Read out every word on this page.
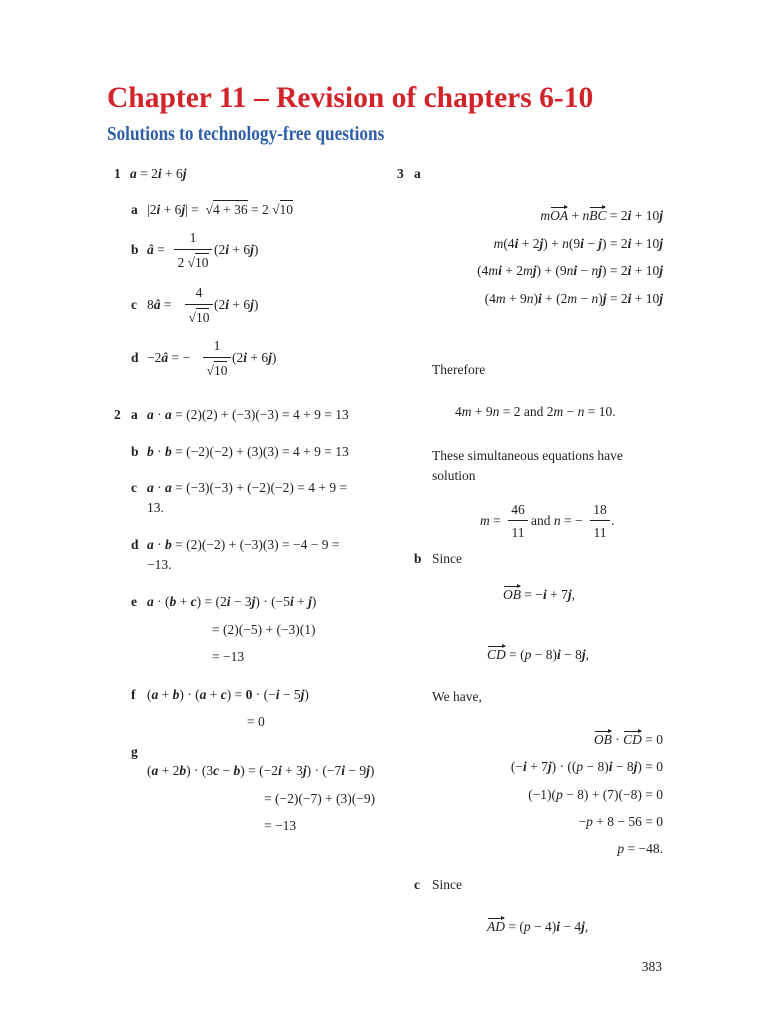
Chapter 11 – Revision of chapters 6-10
Solutions to technology-free questions
1 a = 2i + 6j
a |2i + 6j| =  √4 + 36 = 2 √10
b â =
1
2 √10
(2i + 6j)
c 8â =
4
√10
(2i + 6j)
d −2â = −
1
√10
(2i + 6j)
2 a a · a = (2)(2) + (−3)(−3) = 4 + 9 = 13
b b · b = (−2)(−2) + (3)(3) = 4 + 9 = 13
c a · a = (−3)(−3) + (−2)(−2) = 4 + 9 =
13.
d a · b = (2)(−2) + (−3)(3) = −4 − 9 =
−13.
e a · (b + c) = (2i − 3j) · (−5i + j)
= (2)(−5) + (−3)(1)
= −13
f (a + b) · (a + c) = 0 · (−i − 5j)
= 0
g
(a + 2b) · (3c − b) = (−2i + 3j) · (−7i − 9j)
= (−2)(−7) + (3)(−9)
= −13
3 a
mOA + nBC = 2i + 10j
m(4i + 2j) + n(9i − j) = 2i + 10j
(4mi + 2mj) + (9ni − nj) = 2i + 10j
(4m + 9n)i + (2m − n)j = 2i + 10j
Therefore
4m + 9n = 2 and 2m − n = 10.
These simultaneous equations have
solution
m =
46
11
and n = −
18
11
.
b Since
OB = −i + 7j,
CD = (p − 8)i − 8j,
We have,
OB · CD = 0
(−i + 7j) · ((p − 8)i − 8j) = 0
(−1)(p − 8) + (7)(−8) = 0
−p + 8 − 56 = 0
p = −48.
c Since
AD = (p − 4)i − 4j,
383
